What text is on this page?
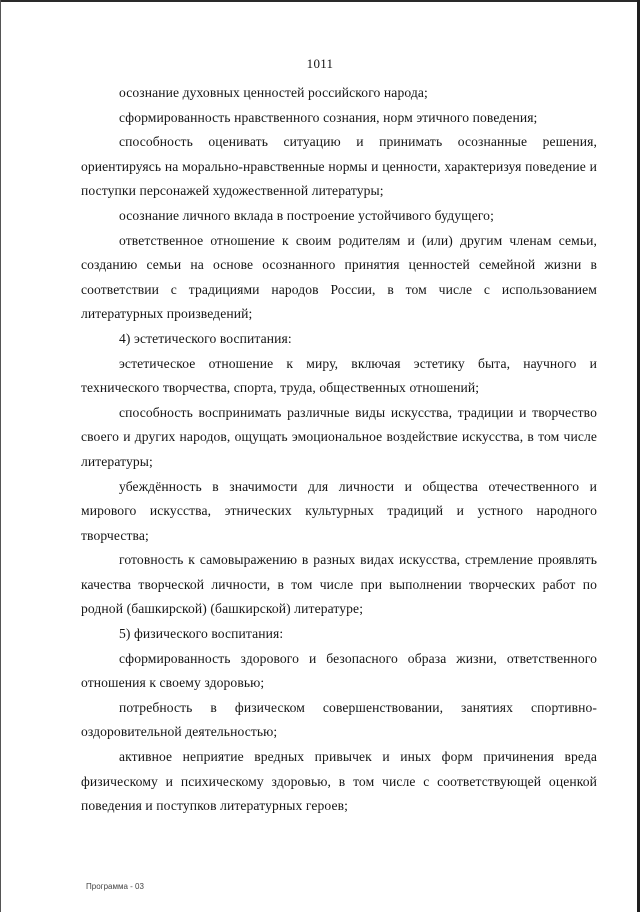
1011

осознание духовных ценностей российского народа;

сформированность нравственного сознания, норм этичного поведения;

способность оценивать ситуацию и принимать осознанные решения, ориентируясь на морально-нравственные нормы и ценности, характеризуя поведение и поступки персонажей художественной литературы;

осознание личного вклада в построение устойчивого будущего;

ответственное отношение к своим родителям и (или) другим членам семьи, созданию семьи на основе осознанного принятия ценностей семейной жизни в соответствии с традициями народов России, в том числе с использованием литературных произведений;

4) эстетического воспитания:

эстетическое отношение к миру, включая эстетику быта, научного и технического творчества, спорта, труда, общественных отношений;

способность воспринимать различные виды искусства, традиции и творчество своего и других народов, ощущать эмоциональное воздействие искусства, в том числе литературы;

убеждённость в значимости для личности и общества отечественного и мирового искусства, этнических культурных традиций и устного народного творчества;

готовность к самовыражению в разных видах искусства, стремление проявлять качества творческой личности, в том числе при выполнении творческих работ по родной (башкирской) (башкирской) литературе;

5) физического воспитания:

сформированность здорового и безопасного образа жизни, ответственного отношения к своему здоровью;

потребность в физическом совершенствовании, занятиях спортивно-оздоровительной деятельностью;

активное неприятие вредных привычек и иных форм причинения вреда физическому и психическому здоровью, в том числе с соответствующей оценкой поведения и поступков литературных героев;

Программа - 03
